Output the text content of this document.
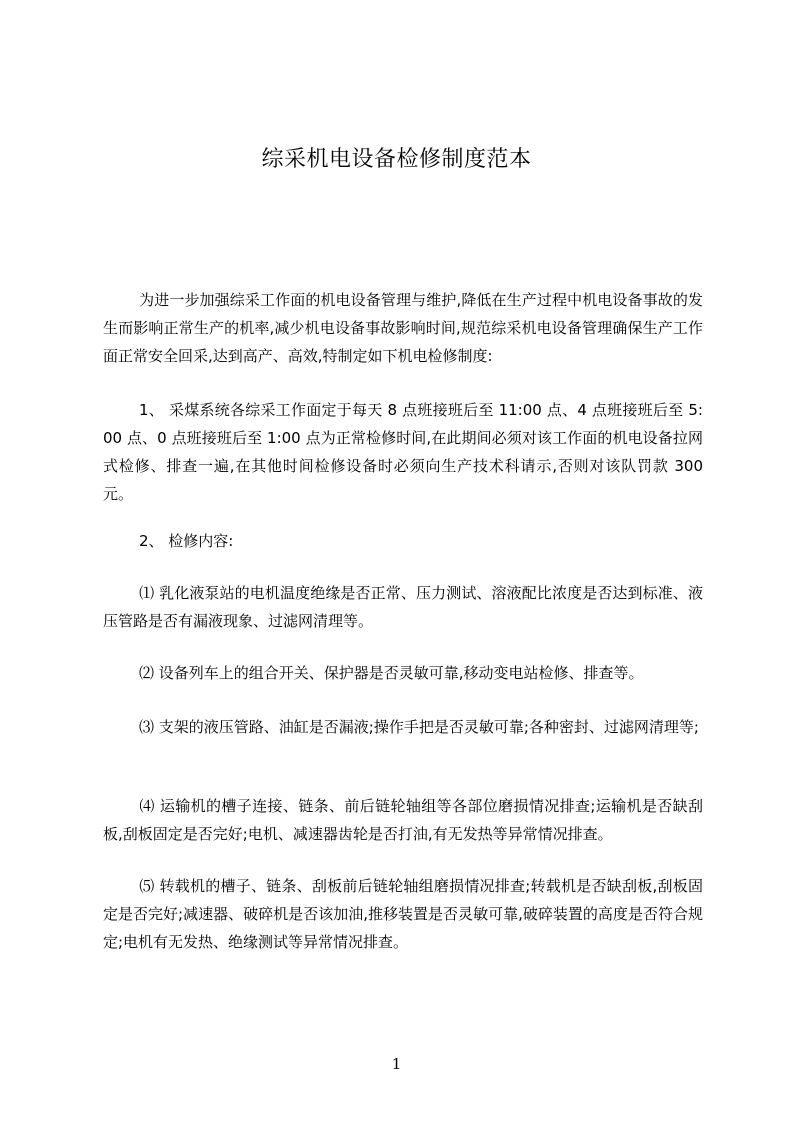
综采机电设备检修制度范本

为进一步加强综采工作面的机电设备管理与维护,降低在生产过程中机电设备事故的发生而影响正常生产的机率,减少机电设备事故影响时间,规范综采机电设备管理确保生产工作面正常安全回采,达到高产、高效,特制定如下机电检修制度:

1、 采煤系统各综采工作面定于每天 8 点班接班后至 11:00 点、4 点班接班后至 5:00 点、0 点班接班后至 1:00 点为正常检修时间,在此期间必须对该工作面的机电设备拉网式检修、排查一遍,在其他时间检修设备时必须向生产技术科请示,否则对该队罚款 300 元。

2、 检修内容:

⑴ 乳化液泵站的电机温度绝缘是否正常、压力测试、溶液配比浓度是否达到标准、液压管路是否有漏液现象、过滤网清理等。

⑵ 设备列车上的组合开关、保护器是否灵敏可靠,移动变电站检修、排查等。

⑶ 支架的液压管路、油缸是否漏液;操作手把是否灵敏可靠;各种密封、过滤网清理等;

⑷ 运输机的槽子连接、链条、前后链轮轴组等各部位磨损情况排查;运输机是否缺刮板,刮板固定是否完好;电机、减速器齿轮是否打油,有无发热等异常情况排查。

⑸ 转载机的槽子、链条、刮板前后链轮轴组磨损情况排查;转载机是否缺刮板,刮板固定是否完好;减速器、破碎机是否该加油,推移装置是否灵敏可靠,破碎装置的高度是否符合规定;电机有无发热、绝缘测试等异常情况排查。

1
